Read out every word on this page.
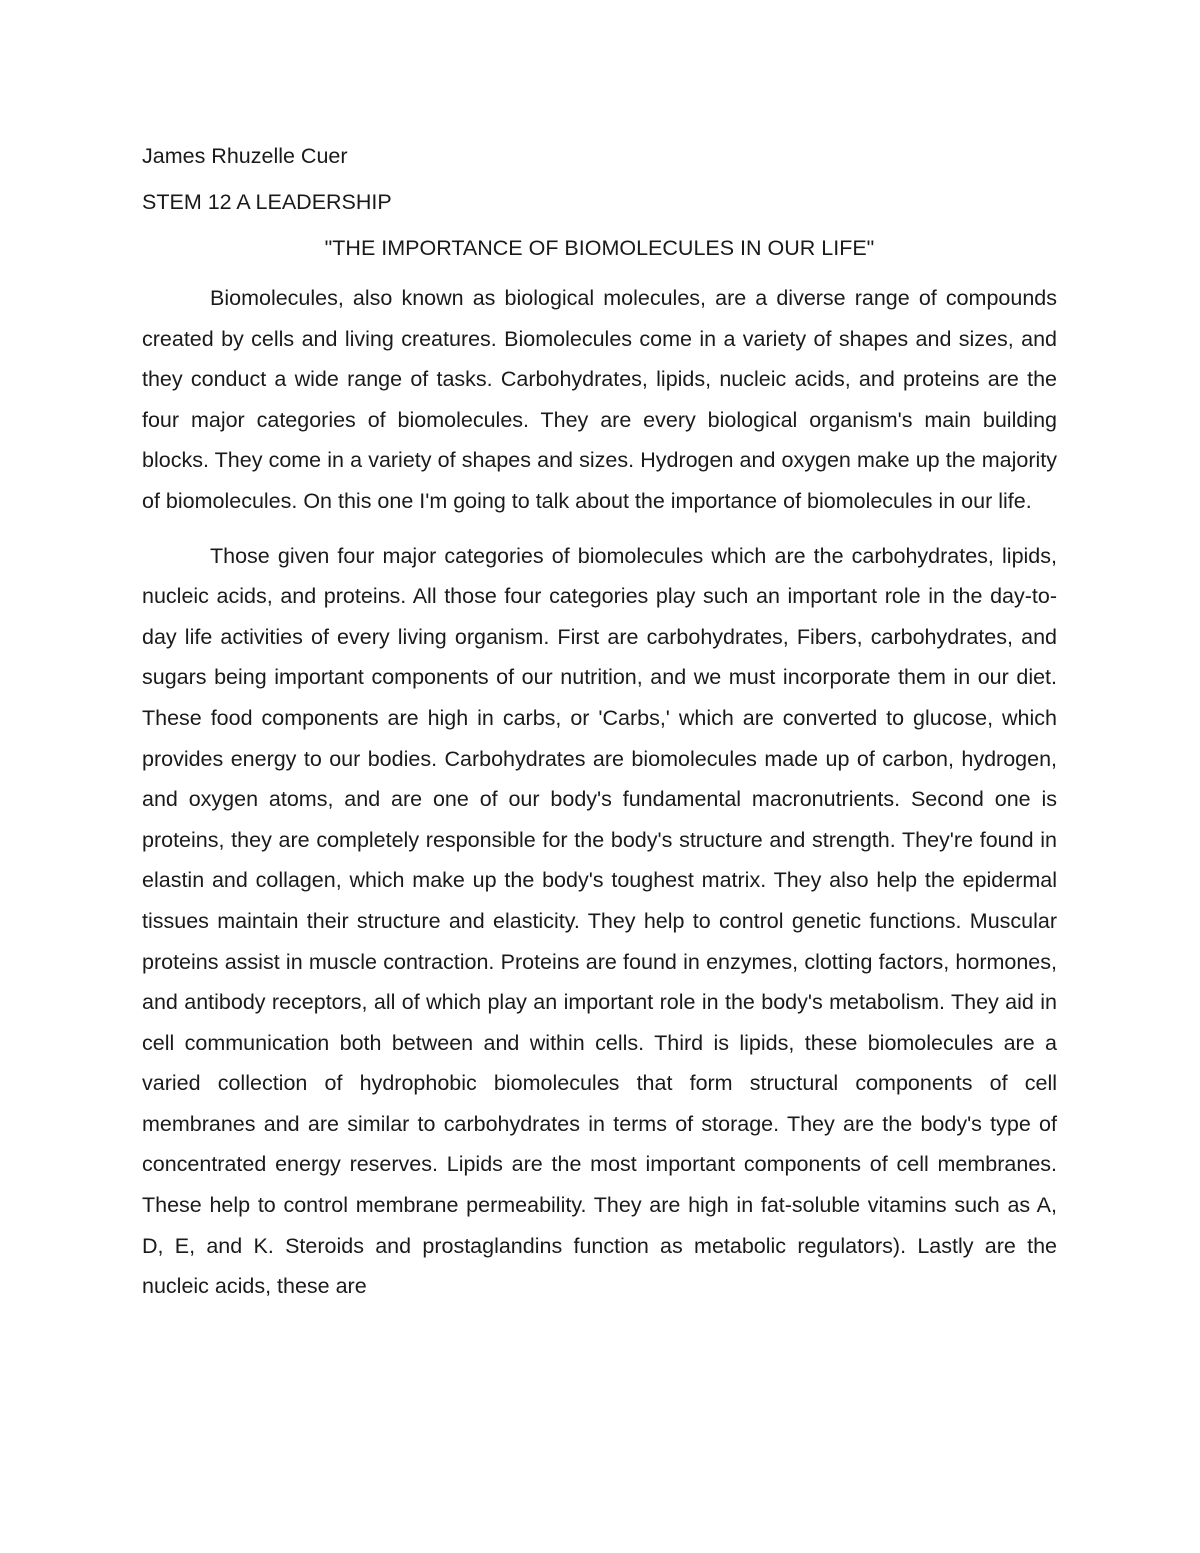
James Rhuzelle Cuer

STEM 12 A LEADERSHIP

"THE IMPORTANCE OF BIOMOLECULES IN OUR LIFE"

Biomolecules, also known as biological molecules, are a diverse range of compounds created by cells and living creatures. Biomolecules come in a variety of shapes and sizes, and they conduct a wide range of tasks. Carbohydrates, lipids, nucleic acids, and proteins are the four major categories of biomolecules. They are every biological organism's main building blocks. They come in a variety of shapes and sizes. Hydrogen and oxygen make up the majority of biomolecules. On this one I'm going to talk about the importance of biomolecules in our life.

Those given four major categories of biomolecules which are the carbohydrates, lipids, nucleic acids, and proteins. All those four categories play such an important role in the day-to-day life activities of every living organism. First are carbohydrates, Fibers, carbohydrates, and sugars being important components of our nutrition, and we must incorporate them in our diet. These food components are high in carbs, or 'Carbs,' which are converted to glucose, which provides energy to our bodies. Carbohydrates are biomolecules made up of carbon, hydrogen, and oxygen atoms, and are one of our body's fundamental macronutrients. Second one is proteins, they are completely responsible for the body's structure and strength. They're found in elastin and collagen, which make up the body's toughest matrix. They also help the epidermal tissues maintain their structure and elasticity. They help to control genetic functions. Muscular proteins assist in muscle contraction. Proteins are found in enzymes, clotting factors, hormones, and antibody receptors, all of which play an important role in the body's metabolism. They aid in cell communication both between and within cells. Third is lipids, these biomolecules are a varied collection of hydrophobic biomolecules that form structural components of cell membranes and are similar to carbohydrates in terms of storage. They are the body's type of concentrated energy reserves. Lipids are the most important components of cell membranes. These help to control membrane permeability. They are high in fat-soluble vitamins such as A, D, E, and K. Steroids and prostaglandins function as metabolic regulators). Lastly are the nucleic acids, these are
